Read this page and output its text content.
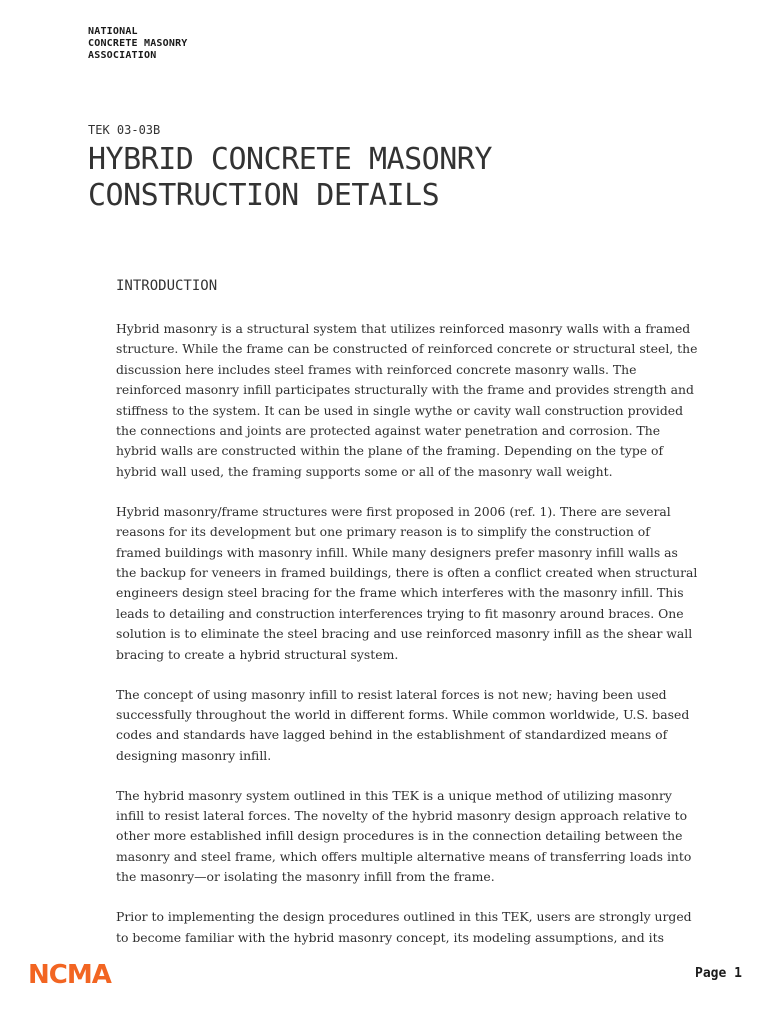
NATIONAL
CONCRETE MASONRY
ASSOCIATION
TEK 03-03B
HYBRID CONCRETE MASONRY
CONSTRUCTION DETAILS
INTRODUCTION

Hybrid masonry is a structural system that utilizes reinforced masonry walls with a framed
structure. While the frame can be constructed of reinforced concrete or structural steel, the
discussion here includes steel frames with reinforced concrete masonry walls. The
reinforced masonry infill participates structurally with the frame and provides strength and
stiffness to the system. It can be used in single wythe or cavity wall construction provided
the connections and joints are protected against water penetration and corrosion. The
hybrid walls are constructed within the plane of the framing. Depending on the type of
hybrid wall used, the framing supports some or all of the masonry wall weight.

Hybrid masonry/frame structures were first proposed in 2006 (ref. 1). There are several
reasons for its development but one primary reason is to simplify the construction of
framed buildings with masonry infill. While many designers prefer masonry infill walls as
the backup for veneers in framed buildings, there is often a conflict created when structural
engineers design steel bracing for the frame which interferes with the masonry infill. This
leads to detailing and construction interferences trying to fit masonry around braces. One
solution is to eliminate the steel bracing and use reinforced masonry infill as the shear wall
bracing to create a hybrid structural system.

The concept of using masonry infill to resist lateral forces is not new; having been used
successfully throughout the world in different forms. While common worldwide, U.S. based
codes and standards have lagged behind in the establishment of standardized means of
designing masonry infill.

The hybrid masonry system outlined in this TEK is a unique method of utilizing masonry
infill to resist lateral forces. The novelty of the hybrid masonry design approach relative to
other more established infill design procedures is in the connection detailing between the
masonry and steel frame, which offers multiple alternative means of transferring loads into
the masonry—or isolating the masonry infill from the frame.

Prior to implementing the design procedures outlined in this TEK, users are strongly urged
to become familiar with the hybrid masonry concept, its modeling assumptions, and its

NCMA	Page 1
